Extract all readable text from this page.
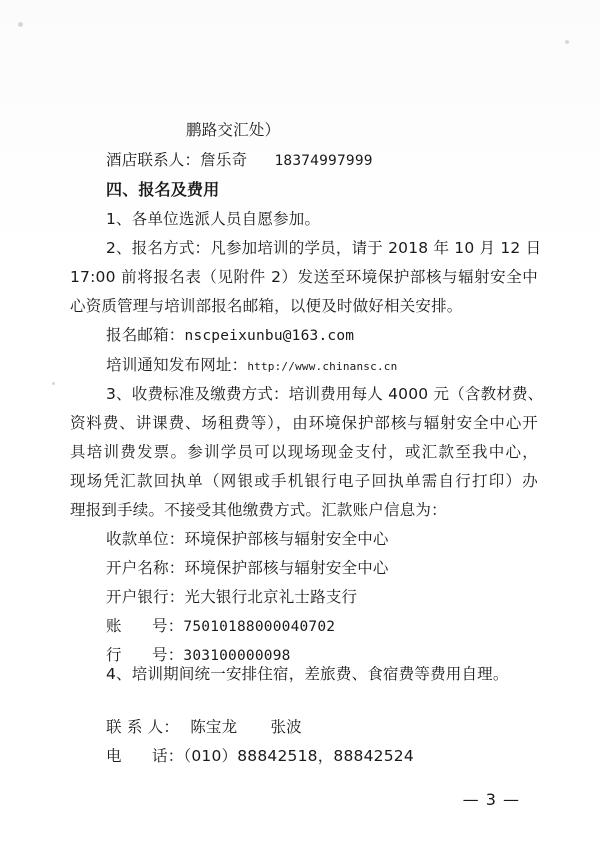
鹏路交汇处）
酒店联系人：詹乐奇 18374997999
四、报名及费用
1、各单位选派人员自愿参加。
2、报名方式：凡参加培训的学员，请于 2018 年 10 月 12 日
17:00 前将报名表（见附件 2）发送至环境保护部核与辐射安全中
心资质管理与培训部报名邮箱，以便及时做好相关安排。
报名邮箱：nscpeixunbu@163.com
培训通知发布网址：http://www.chinansc.cn
3、收费标准及缴费方式：培训费用每人 4000 元（含教材费、
资料费、讲课费、场租费等），由环境保护部核与辐射安全中心开
具培训费发票。参训学员可以现场现金支付，或汇款至我中心，
现场凭汇款回执单（网银或手机银行电子回执单需自行打印）办
理报到手续。不接受其他缴费方式。汇款账户信息为：
收款单位：环境保护部核与辐射安全中心
开户名称：环境保护部核与辐射安全中心
开户银行：光大银行北京礼士路支行
账 号：75010188000040702
行 号：303100000098
4、培训期间统一安排住宿，差旅费、食宿费等费用自理。
联 系 人： 陈宝龙 张波
电 话：（010）88842518，88842524
— 3 —
